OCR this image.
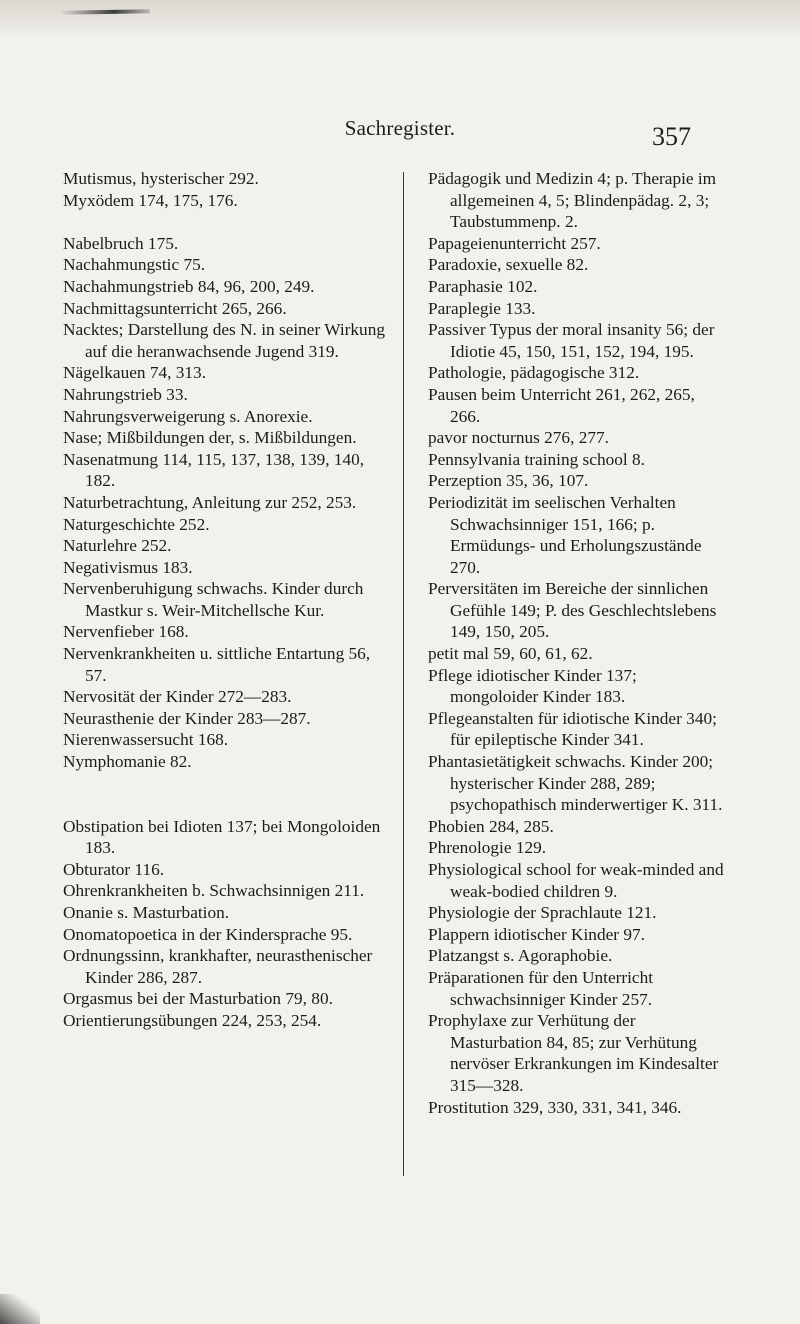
Sachregister.	357

Mutismus, hysterischer 292.

Myxödem 174, 175, 176.

Nabelbruch 175.

Nachahmungstic 75.

Nachahmungstrieb 84, 96, 200, 249.

Nachmittagsunterricht 265, 266.

Nacktes; Darstellung des N. in seiner Wirkung auf die heranwachsende Jugend 319.

Nägelkauen 74, 313.

Nahrungstrieb 33.

Nahrungsverweigerung s. Anorexie.

Nase; Mißbildungen der, s. Mißbildungen.

Nasenatmung 114, 115, 137, 138, 139, 140, 182.

Naturbetrachtung, Anleitung zur 252, 253.

Naturgeschichte 252.

Naturlehre 252.

Negativismus 183.

Nervenberuhigung schwachs. Kinder durch Mastkur s. Weir-Mitchellsche Kur.

Nervenfieber 168.

Nervenkrankheiten u. sittliche Entartung 56, 57.

Nervosität der Kinder 272—283.

Neurasthenie der Kinder 283—287.

Nierenwassersucht 168.

Nymphomanie 82.

Obstipation bei Idioten 137; bei Mongoloiden 183.

Obturator 116.

Ohrenkrankheiten b. Schwachsinnigen 211.

Onanie s. Masturbation.

Onomatopoetica in der Kindersprache 95.

Ordnungssinn, krankhafter, neurasthenischer Kinder 286, 287.

Orgasmus bei der Masturbation 79, 80.

Orientierungsübungen 224, 253, 254.

Pädagogik und Medizin 4; p. Therapie im allgemeinen 4, 5; Blindenpädag. 2, 3; Taubstummenp. 2.

Papageienunterricht 257.

Paradoxie, sexuelle 82.

Paraphasie 102.

Paraplegie 133.

Passiver Typus der moral insanity 56; der Idiotie 45, 150, 151, 152, 194, 195.

Pathologie, pädagogische 312.

Pausen beim Unterricht 261, 262, 265, 266.

pavor nocturnus 276, 277.

Pennsylvania training school 8.

Perzeption 35, 36, 107.

Periodizität im seelischen Verhalten Schwachsinniger 151, 166; p. Ermüdungs- und Erholungszustände 270.

Perversitäten im Bereiche der sinnlichen Gefühle 149; P. des Geschlechtslebens 149, 150, 205.

petit mal 59, 60, 61, 62.

Pflege idiotischer Kinder 137; mongoloider Kinder 183.

Pflegeanstalten für idiotische Kinder 340; für epileptische Kinder 341.

Phantasietätigkeit schwachs. Kinder 200; hysterischer Kinder 288, 289; psychopathisch minderwertiger K. 311.

Phobien 284, 285.

Phrenologie 129.

Physiological school for weak-minded and weak-bodied children 9.

Physiologie der Sprachlaute 121.

Plappern idiotischer Kinder 97.

Platzangst s. Agoraphobie.

Präparationen für den Unterricht schwachsinniger Kinder 257.

Prophylaxe zur Verhütung der Masturbation 84, 85; zur Verhütung nervöser Erkrankungen im Kindesalter 315—328.

Prostitution 329, 330, 331, 341, 346.
